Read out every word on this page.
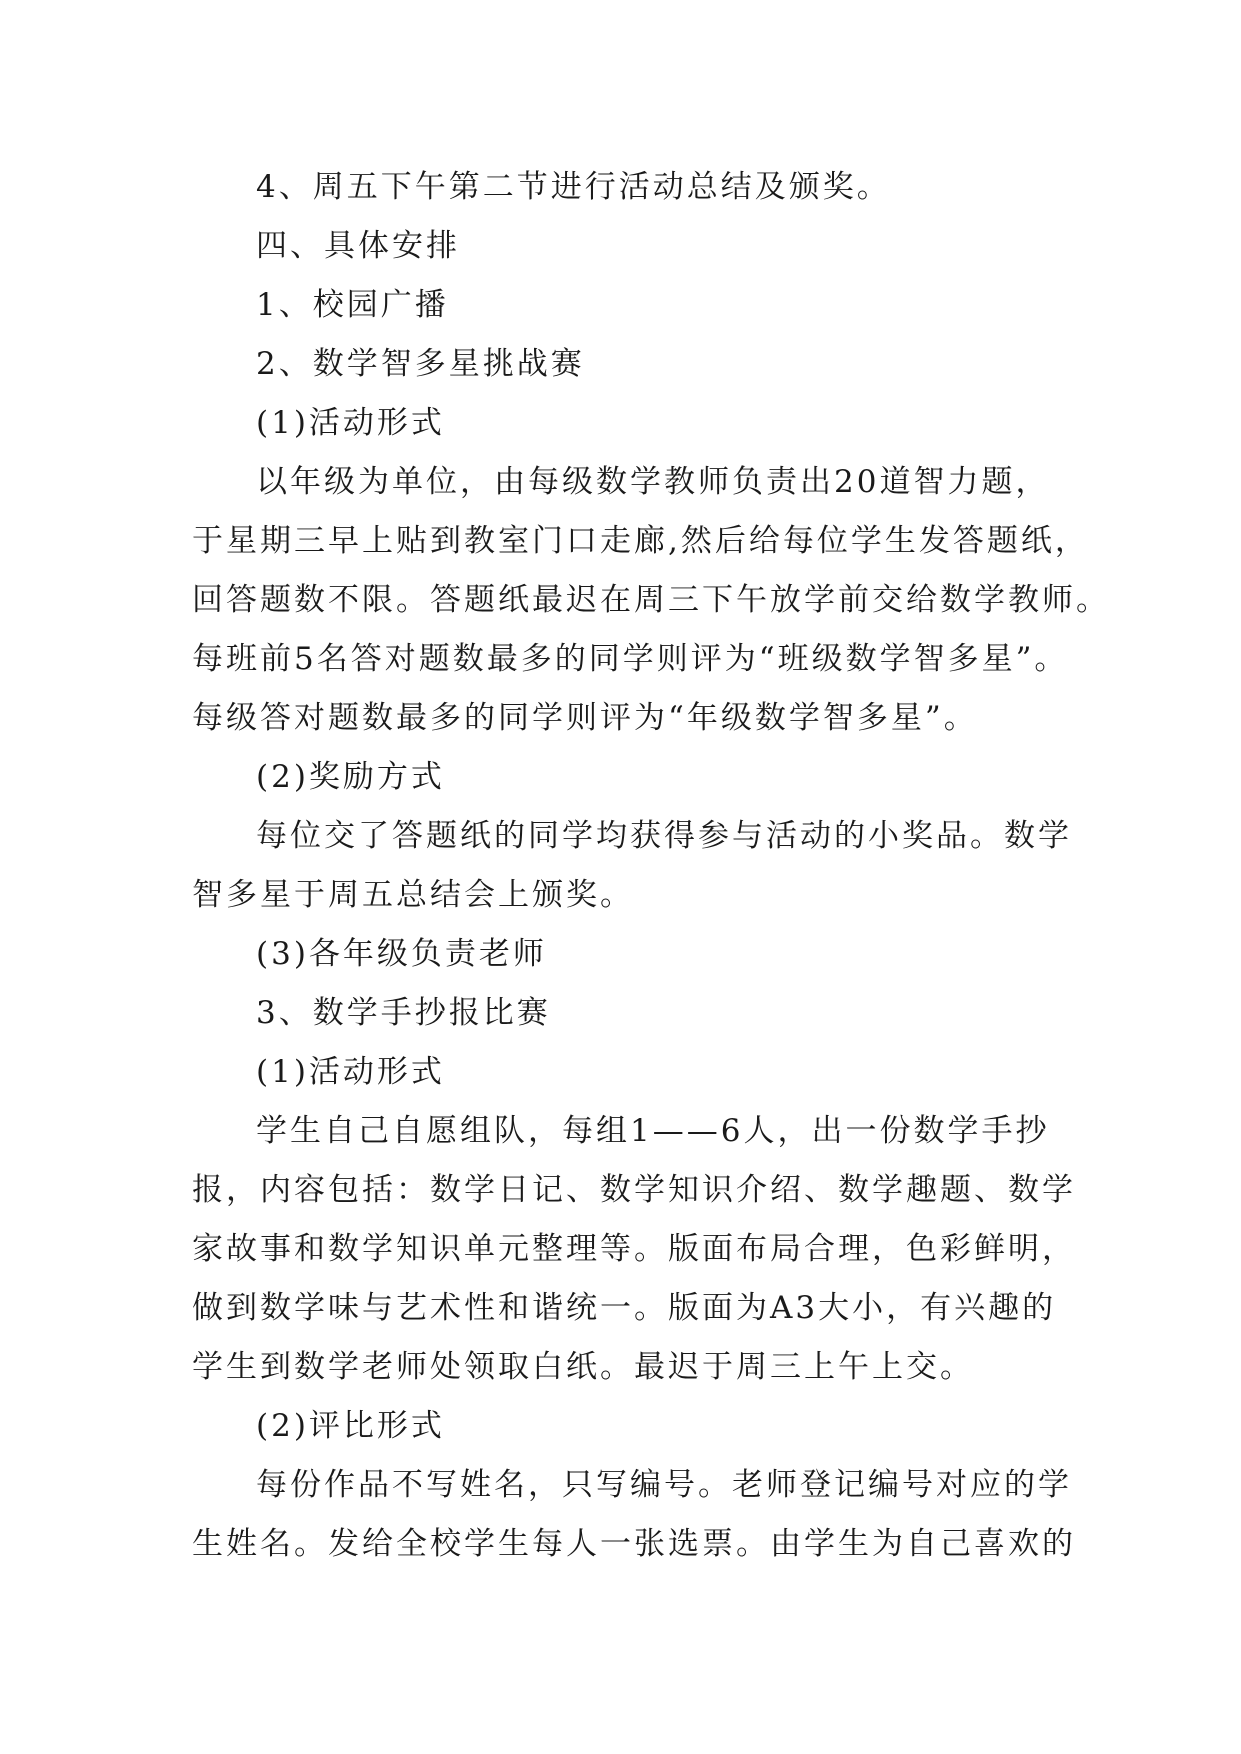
4、周五下午第二节进行活动总结及颁奖。
四、具体安排
1、校园广播
2、数学智多星挑战赛
(1)活动形式
以年级为单位，由每级数学教师负责出20道智力题，
于星期三早上贴到教室门口走廊,然后给每位学生发答题纸，
回答题数不限。答题纸最迟在周三下午放学前交给数学教师。
每班前5名答对题数最多的同学则评为“班级数学智多星”。
每级答对题数最多的同学则评为“年级数学智多星”。
(2)奖励方式
每位交了答题纸的同学均获得参与活动的小奖品。数学
智多星于周五总结会上颁奖。
(3)各年级负责老师
3、数学手抄报比赛
(1)活动形式
学生自己自愿组队，每组1——6人，出一份数学手抄
报，内容包括：数学日记、数学知识介绍、数学趣题、数学
家故事和数学知识单元整理等。版面布局合理，色彩鲜明，
做到数学味与艺术性和谐统一。版面为A3大小，有兴趣的
学生到数学老师处领取白纸。最迟于周三上午上交。
(2)评比形式
每份作品不写姓名，只写编号。老师登记编号对应的学
生姓名。发给全校学生每人一张选票。由学生为自己喜欢的
